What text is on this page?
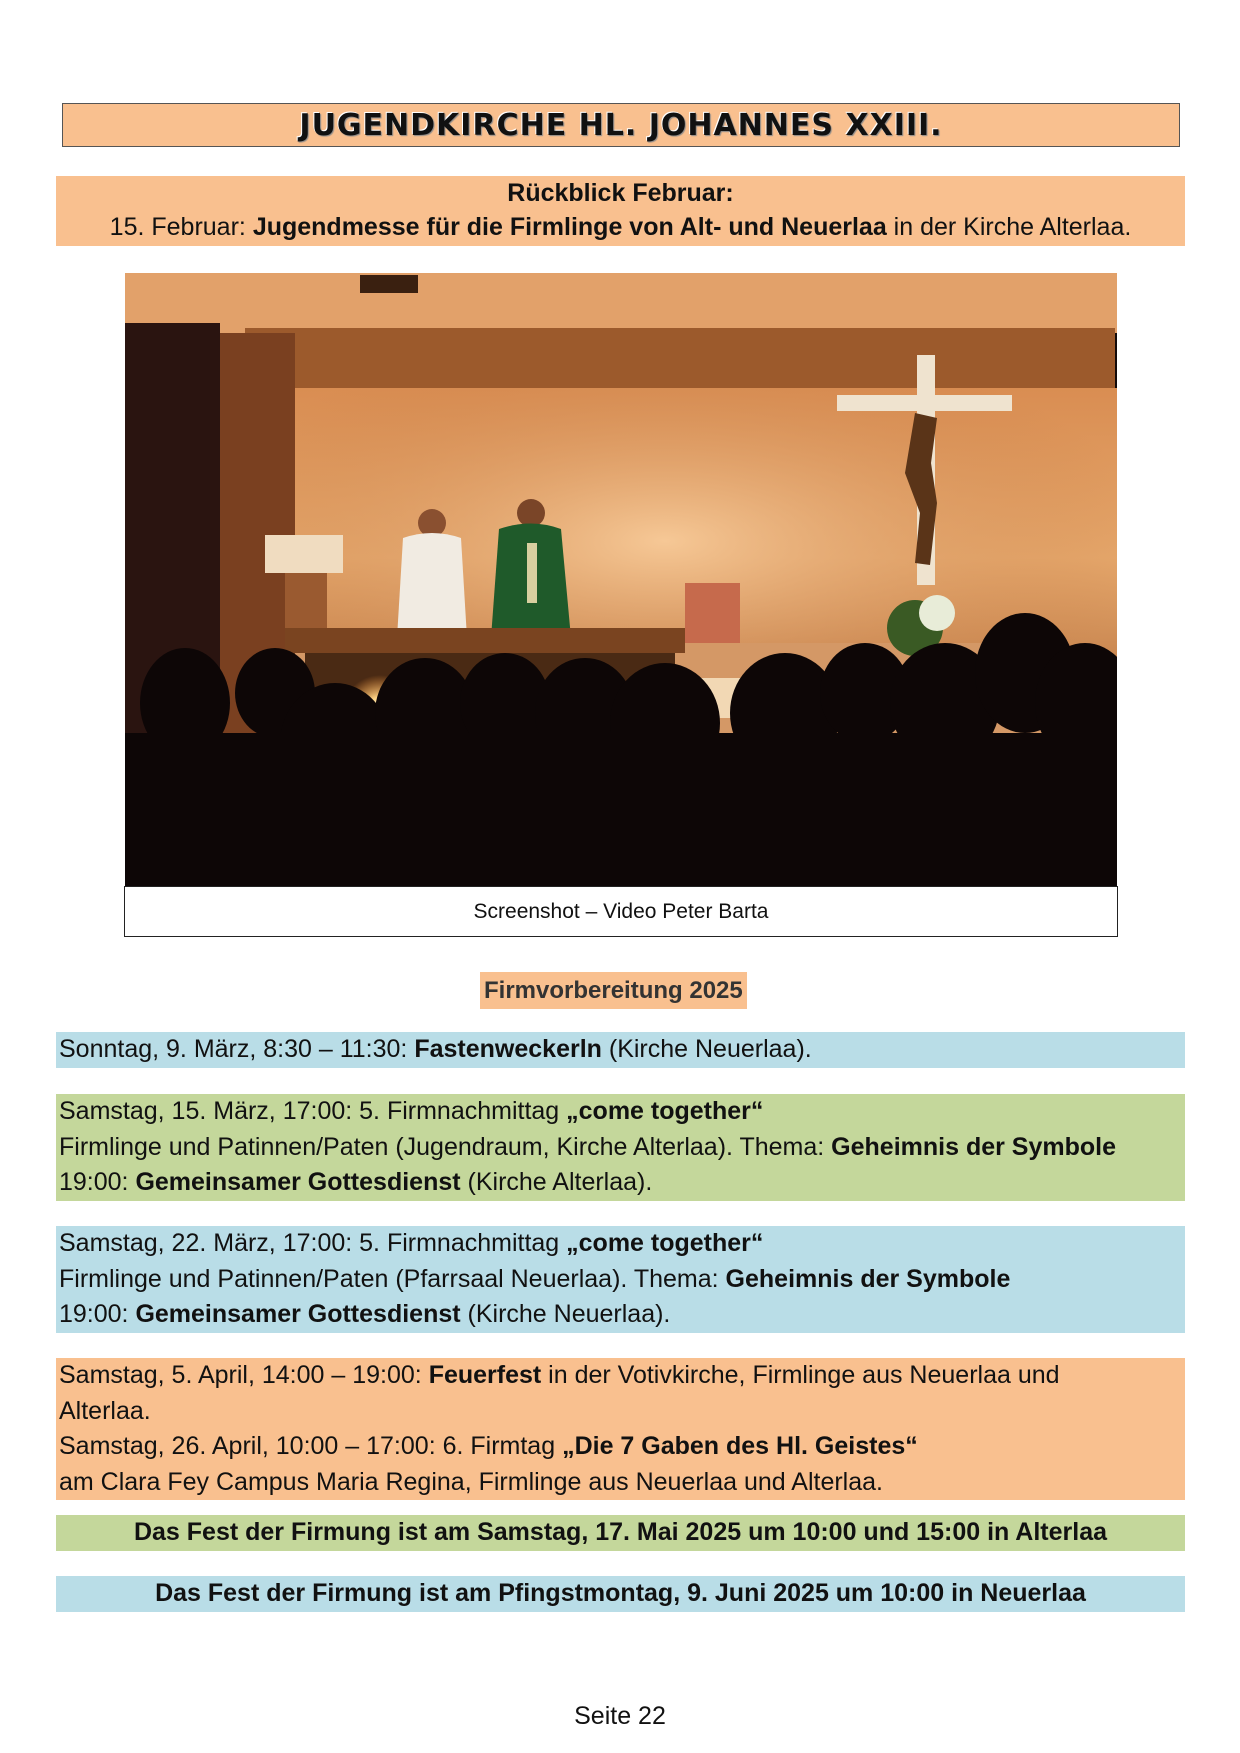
JUGENDKIRCHE HL. JOHANNES XXIII.
Rückblick Februar:
15. Februar: Jugendmesse für die Firmlinge von Alt- und Neuerlaa in der Kirche Alterlaa.
Screenshot – Video Peter Barta
Firmvorbereitung 2025
Sonntag, 9. März, 8:30 – 11:30: Fastenweckerln (Kirche Neuerlaa).
Samstag, 15. März, 17:00: 5. Firmnachmittag „come together“
Firmlinge und Patinnen/Paten (Jugendraum, Kirche Alterlaa). Thema: Geheimnis der Symbole
19:00: Gemeinsamer Gottesdienst (Kirche Alterlaa).
Samstag, 22. März, 17:00: 5. Firmnachmittag „come together“
Firmlinge und Patinnen/Paten (Pfarrsaal Neuerlaa). Thema: Geheimnis der Symbole
19:00: Gemeinsamer Gottesdienst (Kirche Neuerlaa).
Samstag, 5. April, 14:00 – 19:00: Feuerfest in der Votivkirche, Firmlinge aus Neuerlaa und
Alterlaa.
Samstag, 26. April, 10:00 – 17:00: 6. Firmtag „Die 7 Gaben des Hl. Geistes“
am Clara Fey Campus Maria Regina, Firmlinge aus Neuerlaa und Alterlaa.
Das Fest der Firmung ist am Samstag, 17. Mai 2025 um 10:00 und 15:00 in Alterlaa
Das Fest der Firmung ist am Pfingstmontag, 9. Juni 2025 um 10:00 in Neuerlaa
Seite 22
